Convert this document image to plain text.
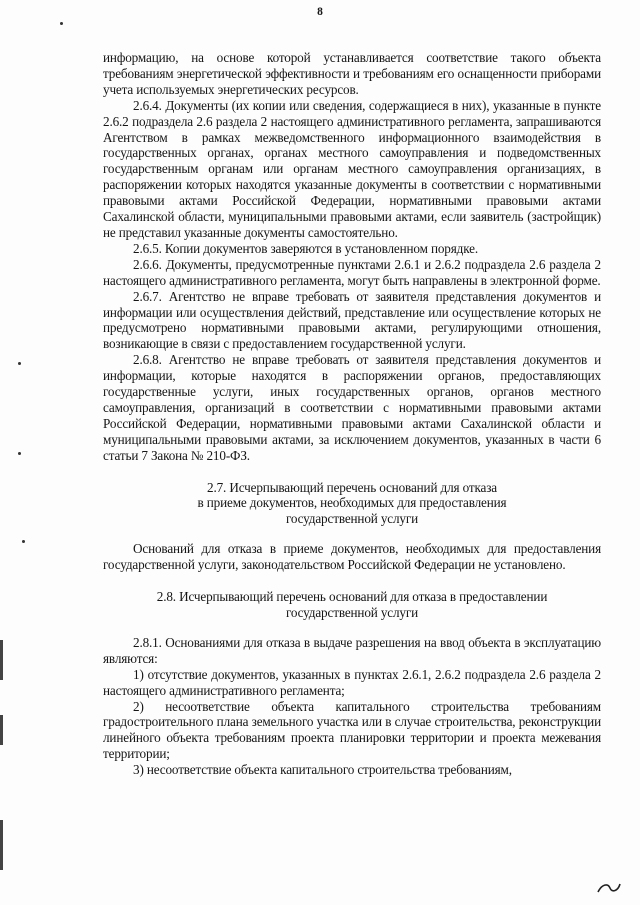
8

информацию, на основе которой устанавливается соответствие такого объекта требованиям энергетической эффективности и требованиям его оснащенности приборами учета используемых энергетических ресурсов.

2.6.4. Документы (их копии или сведения, содержащиеся в них), указанные в пункте 2.6.2 подраздела 2.6 раздела 2 настоящего административного регламента, запрашиваются Агентством в рамках межведомственного информационного взаимодействия в государственных органах, органах местного самоуправления и подведомственных государственным органам или органам местного самоуправления организациях, в распоряжении которых находятся указанные документы в соответствии с нормативными правовыми актами Российской Федерации, нормативными правовыми актами Сахалинской области, муниципальными правовыми актами, если заявитель (застройщик) не представил указанные документы самостоятельно.

2.6.5. Копии документов заверяются в установленном порядке.

2.6.6. Документы, предусмотренные пунктами 2.6.1 и 2.6.2 подраздела 2.6 раздела 2 настоящего административного регламента, могут быть направлены в электронной форме.

2.6.7. Агентство не вправе требовать от заявителя представления документов и информации или осуществления действий, представление или осуществление которых не предусмотрено нормативными правовыми актами, регулирующими отношения, возникающие в связи с предоставлением государственной услуги.

2.6.8. Агентство не вправе требовать от заявителя представления документов и информации, которые находятся в распоряжении органов, предоставляющих государственные услуги, иных государственных органов, органов местного самоуправления, организаций в соответствии с нормативными правовыми актами Российской Федерации, нормативными правовыми актами Сахалинской области и муниципальными правовыми актами, за исключением документов, указанных в части 6 статьи 7 Закона № 210-ФЗ.

2.7. Исчерпывающий перечень оснований для отказа

в приеме документов, необходимых для предоставления

государственной услуги

Оснований для отказа в приеме документов, необходимых для предоставления государственной услуги, законодательством Российской Федерации не установлено.

2.8. Исчерпывающий перечень оснований для отказа в предоставлении

государственной услуги

2.8.1. Основаниями для отказа в выдаче разрешения на ввод объекта в эксплуатацию являются:

1) отсутствие документов, указанных в пунктах 2.6.1, 2.6.2 подраздела 2.6 раздела 2 настоящего административного регламента;

2) несоответствие объекта капитального строительства требованиям градостроительного плана земельного участка или в случае строительства, реконструкции линейного объекта требованиям проекта планировки территории и проекта межевания территории;

3) несоответствие объекта капитального строительства требованиям,
